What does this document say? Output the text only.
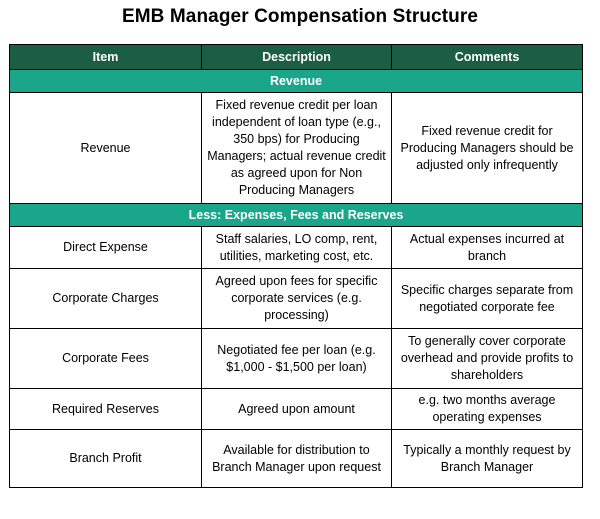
EMB Manager Compensation Structure
Item	Description	Comments
Revenue		
Revenue	Fixed revenue credit per loan independent of loan type (e.g., 350 bps) for Producing Managers; actual revenue credit as agreed upon for Non Producing Managers	Fixed revenue credit for Producing Managers should be adjusted only infrequently
Less: Expenses, Fees and Reserves		
Direct Expense	Staff salaries, LO comp, rent, utilities, marketing cost, etc.	Actual expenses incurred at branch
Corporate Charges	Agreed upon fees for specific corporate services (e.g. processing)	Specific charges separate from negotiated corporate fee
Corporate Fees	Negotiated fee per loan (e.g. $1,000 - $1,500 per loan)	To generally cover corporate overhead and provide profits to shareholders
Required Reserves	Agreed upon amount	e.g. two months average operating expenses
Branch Profit	Available for distribution to Branch Manager upon request	Typically a monthly request by Branch Manager
